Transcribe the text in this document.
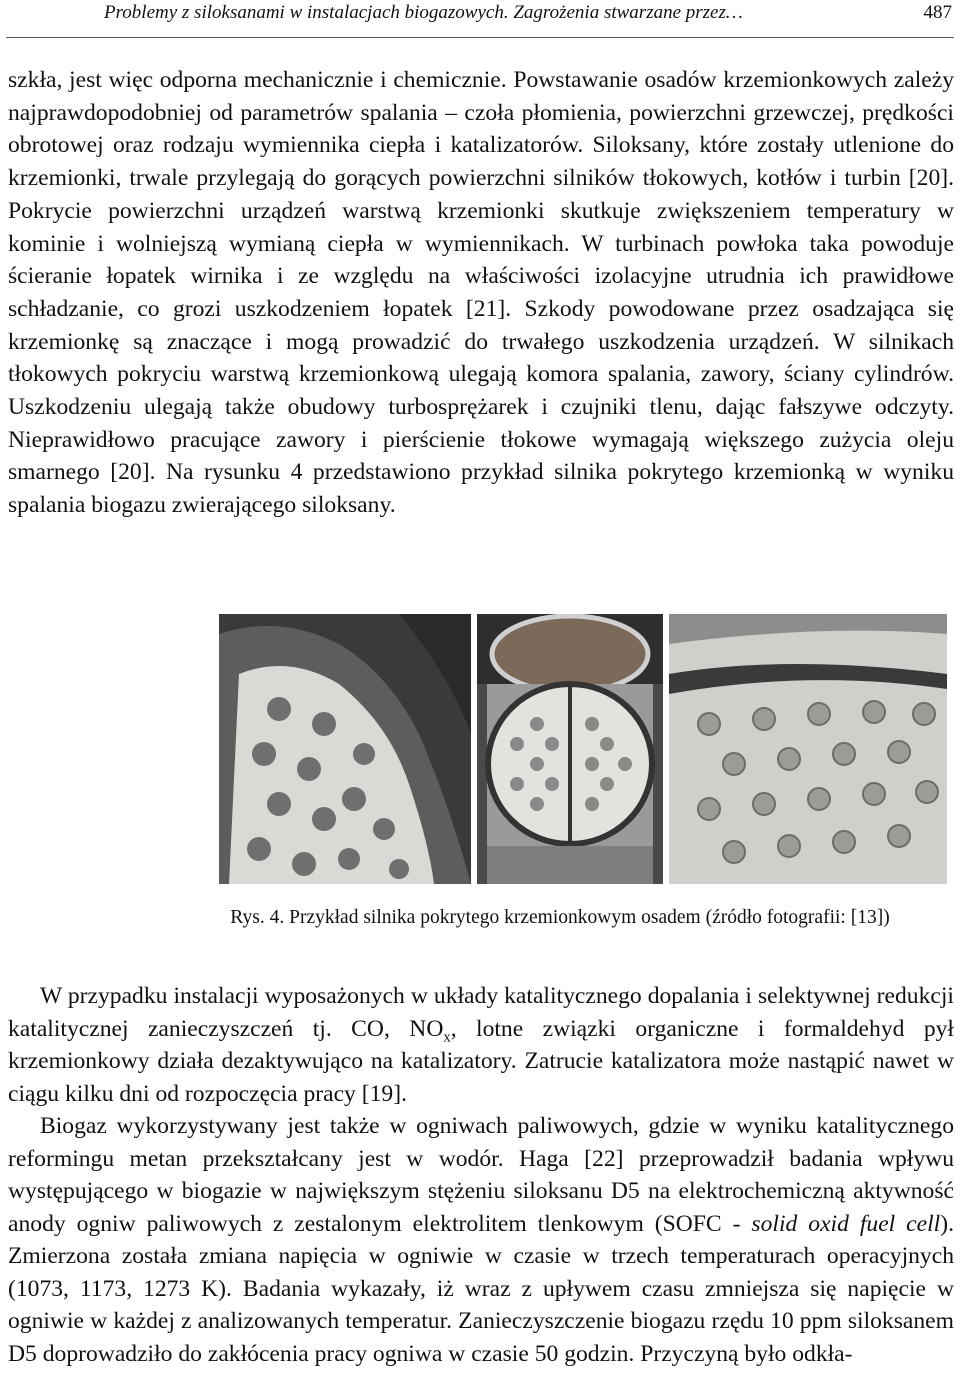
Problemy z siloksanami w instalacjach biogazowych. Zagrożenia stwarzane przez…	487

szkła, jest więc odporna mechanicznie i chemicznie. Powstawanie osadów krzemionkowych zależy najprawdopodobniej od parametrów spalania – czoła płomienia, powierzchni grzewczej, prędkości obrotowej oraz rodzaju wymiennika ciepła i katalizatorów. Siloksany, które zostały utlenione do krzemionki, trwale przylegają do gorących powierzchni silników tłokowych, kotłów i turbin [20]. Pokrycie powierzchni urządzeń warstwą krzemionki skutkuje zwiększeniem temperatury w kominie i wolniejszą wymianą ciepła w wymiennikach. W turbinach powłoka taka powoduje ścieranie łopatek wirnika i ze względu na właściwości izolacyjne utrudnia ich prawidłowe schładzanie, co grozi uszkodzeniem łopatek [21]. Szkody powodowane przez osadzająca się krzemionkę są znaczące i mogą prowadzić do trwałego uszkodzenia urządzeń. W silnikach tłokowych pokryciu warstwą krzemionkową ulegają komora spalania, zawory, ściany cylindrów. Uszkodzeniu ulegają także obudowy turbosprężarek i czujniki tlenu, dając fałszywe odczyty. Nieprawidłowo pracujące zawory i pierścienie tłokowe wymagają większego zużycia oleju smarnego [20]. Na rysunku 4 przedstawiono przykład silnika pokrytego krzemionką w wyniku spalania biogazu zwierającego siloksany.

Rys. 4. Przykład silnika pokrytego krzemionkowym osadem (źródło fotografii: [13])

W przypadku instalacji wyposażonych w układy katalitycznego dopalania i selektywnej redukcji katalitycznej zanieczyszczeń tj. CO, $NO_x$, lotne związki organiczne i formaldehyd pył krzemionkowy działa dezaktywująco na katalizatory. Zatrucie katalizatora może nastąpić nawet w ciągu kilku dni od rozpoczęcia pracy [19].

Biogaz wykorzystywany jest także w ogniwach paliwowych, gdzie w wyniku katalitycznego reformingu metan przekształcany jest w wodór. Haga [22] przeprowadził badania wpływu występującego w biogazie w największym stężeniu siloksanu D5 na elektrochemiczną aktywność anody ogniw paliwowych z zestalonym elektrolitem tlenkowym (SOFC - solid oxid fuel cell). Zmierzona została zmiana napięcia w ogniwie w czasie w trzech temperaturach operacyjnych (1073, 1173, 1273 K). Badania wykazały, iż wraz z upływem czasu zmniejsza się napięcie w ogniwie w każdej z analizowanych temperatur. Zanieczyszczenie biogazu rzędu 10 ppm siloksanem D5 doprowadziło do zakłócenia pracy ogniwa w czasie 50 godzin. Przyczyną było odkła-
